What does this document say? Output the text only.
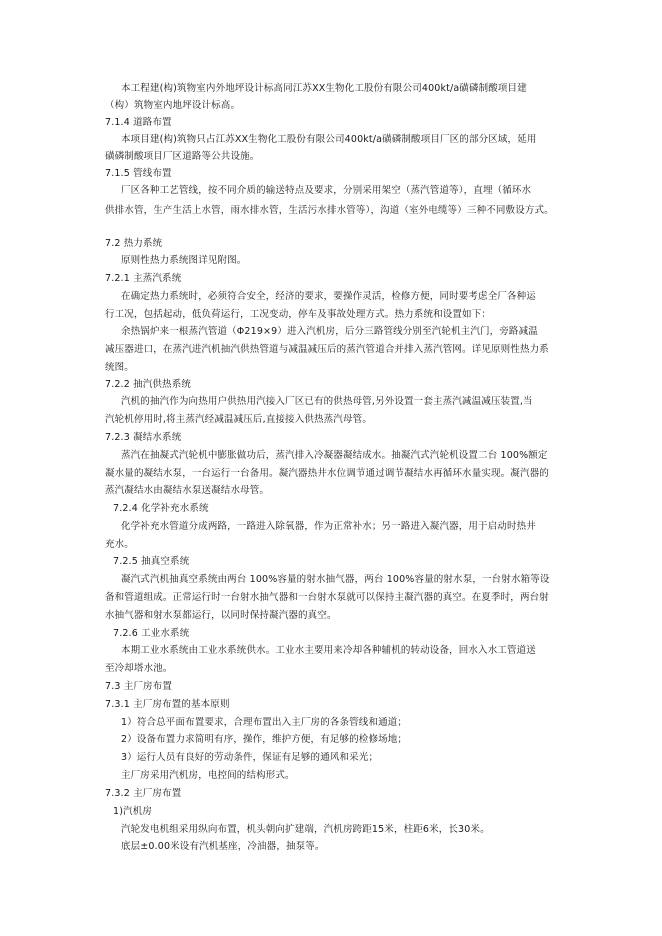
本工程建(构)筑物室内外地坪设计标高同江苏XX生物化工股份有限公司400kt/a磺磷制酸项目建
（构）筑物室内地坪设计标高。
7.1.4 道路布置
本项目建(构)筑物只占江苏XX生物化工股份有限公司400kt/a磺磷制酸项目厂区的部分区域，延用
磺磷制酸项目厂区道路等公共设施。
7.1.5 管线布置
厂区各种工艺管线，按不同介质的输送特点及要求，分别采用架空（蒸汽管道等），直埋（循环水
供排水管，生产生活上水管，雨水排水管，生活污水排水管等），沟道（室外电缆等）三种不同敷设方式。
7.2 热力系统
原则性热力系统图详见附图。
7.2.1 主蒸汽系统
在确定热力系统时，必须符合安全，经济的要求，要操作灵活，检修方便，同时要考虑全厂各种运
行工况，包括起动，低负荷运行，工况变动，停车及事故处理方式。热力系统和设置如下：
余热锅炉来一根蒸汽管道（Φ219×9）进入汽机房，后分三路管线分别至汽轮机主汽门，旁路减温
减压器进口，在蒸汽进汽机抽汽供热管道与减温减压后的蒸汽管道合并排入蒸汽管网。详见原则性热力系
统图。
7.2.2 抽汽供热系统
汽机的抽汽作为向热用户供热用汽接入厂区已有的供热母管,另外设置一套主蒸汽减温减压装置,当
汽轮机停用时,将主蒸汽经减温减压后,直接接入供热蒸汽母管。
7.2.3 凝结水系统
蒸汽在抽凝式汽轮机中膨胀做功后，蒸汽排入冷凝器凝结成水。抽凝汽式汽轮机设置二台 100%额定
凝水量的凝结水泵，一台运行一台备用。凝汽器热井水位调节通过调节凝结水再循环水量实现。凝汽器的
蒸汽凝结水由凝结水泵送凝结水母管。
7.2.4 化学补充水系统
化学补充水管道分成两路，一路进入除氧器，作为正常补水；另一路进入凝汽器，用于启动时热井
充水。
7.2.5 抽真空系统
凝汽式汽机抽真空系统由两台 100%容量的射水抽气器，两台 100%容量的射水泵，一台射水箱等设
备和管道组成。正常运行时一台射水抽气器和一台射水泵就可以保持主凝汽器的真空。在夏季时，两台射
水抽气器和射水泵都运行，以同时保持凝汽器的真空。
7.2.6 工业水系统
本期工业水系统由工业水系统供水。工业水主要用来冷却各种辅机的转动设备，回水入水工管道送
至冷却塔水池。
7.3 主厂房布置
7.3.1 主厂房布置的基本原则
1）符合总平面布置要求，合理布置出入主厂房的各条管线和通道；
2）设备布置力求简明有序，操作，维护方便，有足够的检修场地；
3）运行人员有良好的劳动条件，保证有足够的通风和采光；
主厂房采用汽机房，电控间的结构形式。
7.3.2 主厂房布置
1)汽机房
汽轮发电机组采用纵向布置，机头朝向扩建端，汽机房跨距15米，柱距6米，长30米。
底层±0.00米设有汽机基座，冷油器，抽泵等。
